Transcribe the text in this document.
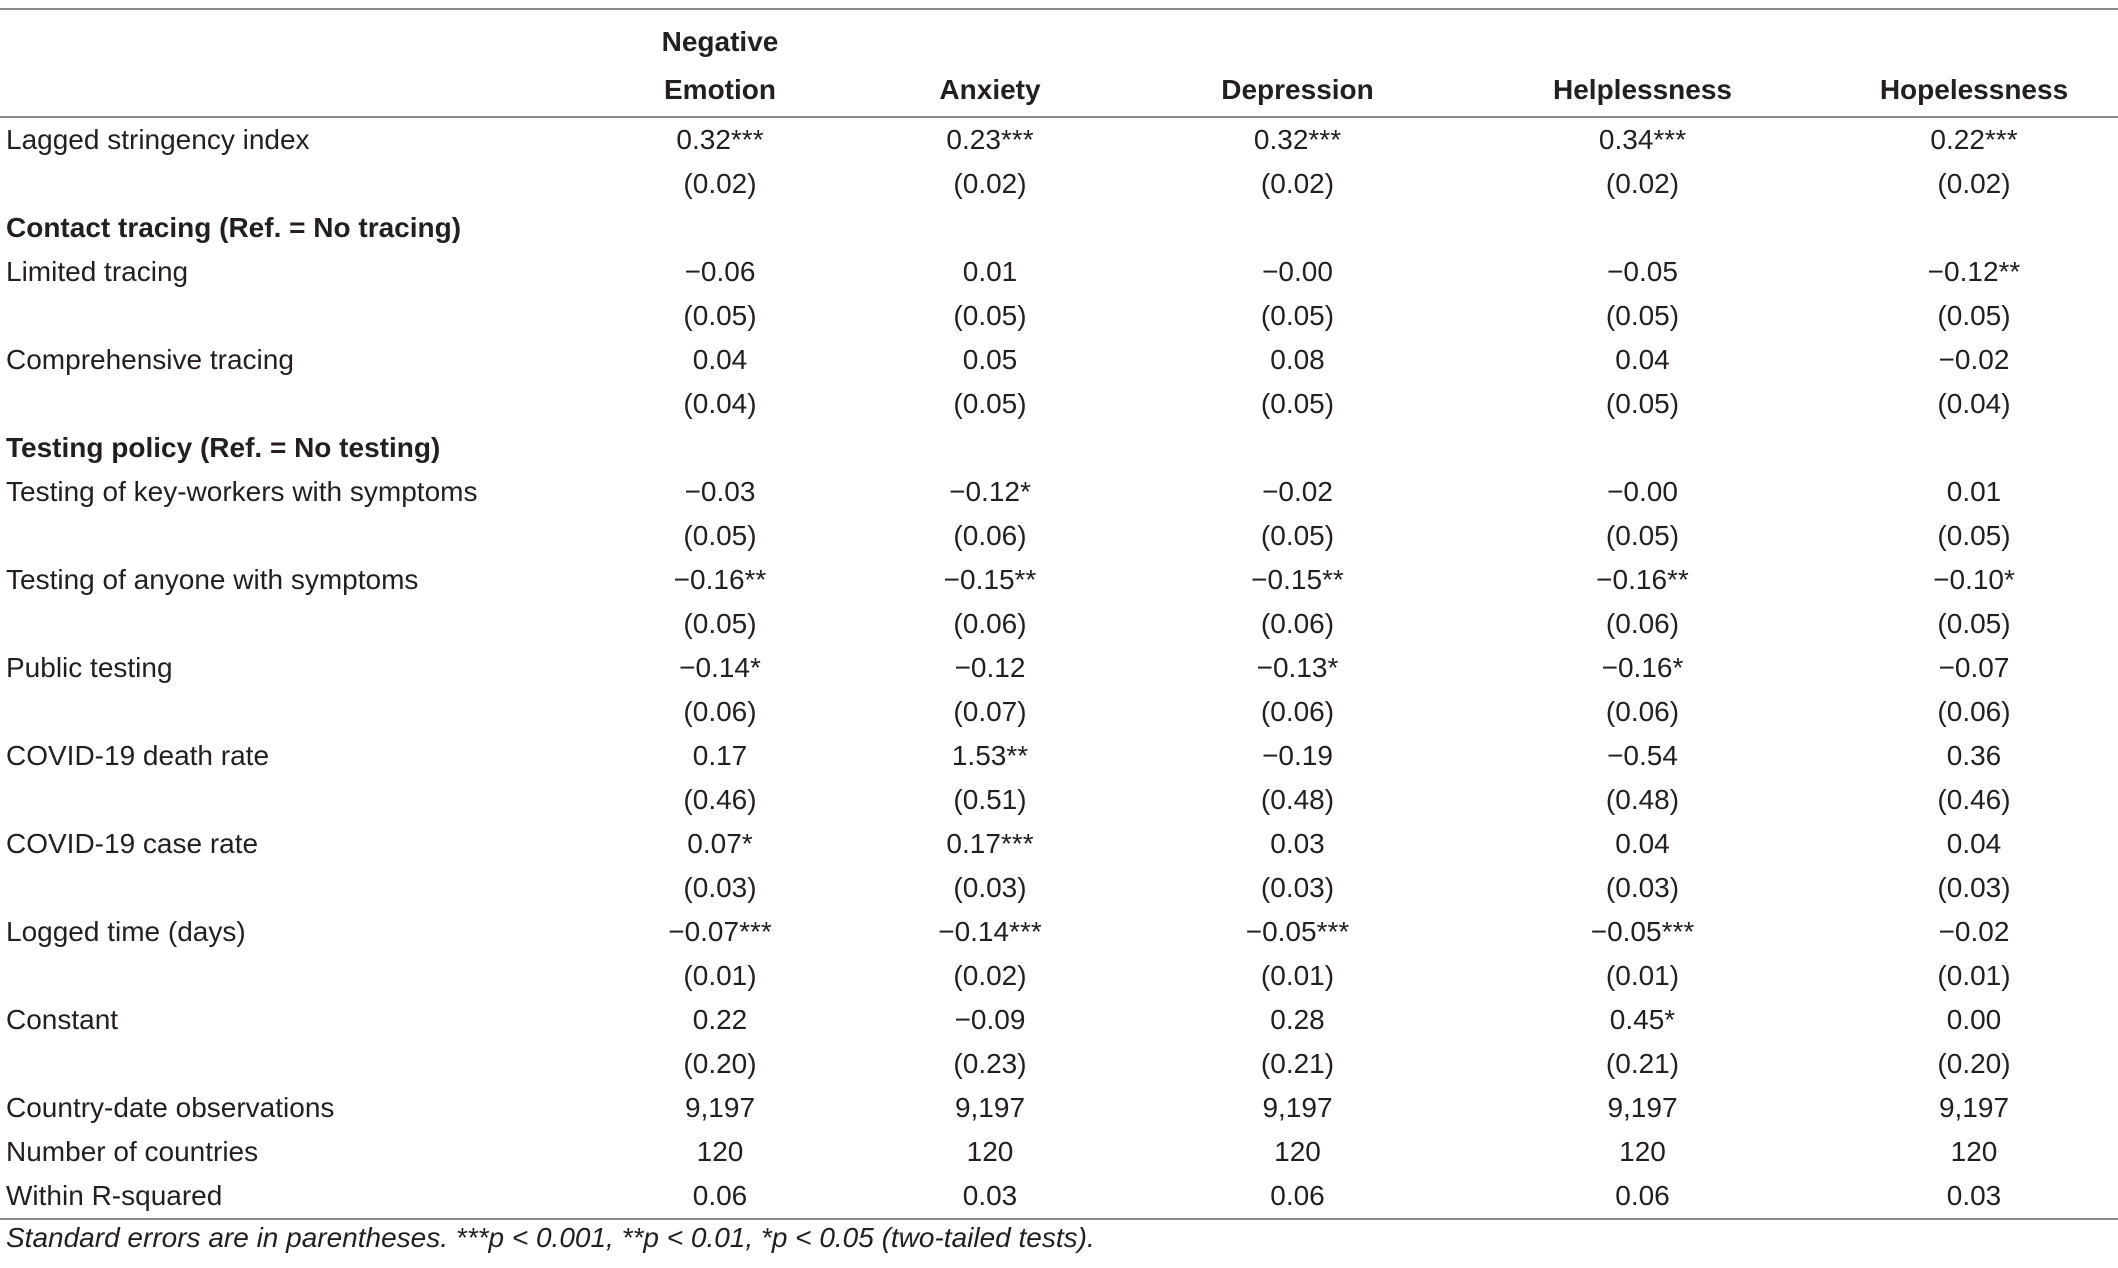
	Negative				
	Emotion	Anxiety	Depression	Helplessness	Hopelessness
Lagged stringency index	0.32***	0.23***	0.32***	0.34***	0.22***
	(0.02)	(0.02)	(0.02)	(0.02)	(0.02)
Contact tracing (Ref. = No tracing)					
Limited tracing	−0.06	0.01	−0.00	−0.05	−0.12**
	(0.05)	(0.05)	(0.05)	(0.05)	(0.05)
Comprehensive tracing	0.04	0.05	0.08	0.04	−0.02
	(0.04)	(0.05)	(0.05)	(0.05)	(0.04)
Testing policy (Ref. = No testing)					
Testing of key-workers with symptoms	−0.03	−0.12*	−0.02	−0.00	0.01
	(0.05)	(0.06)	(0.05)	(0.05)	(0.05)
Testing of anyone with symptoms	−0.16**	−0.15**	−0.15**	−0.16**	−0.10*
	(0.05)	(0.06)	(0.06)	(0.06)	(0.05)
Public testing	−0.14*	−0.12	−0.13*	−0.16*	−0.07
	(0.06)	(0.07)	(0.06)	(0.06)	(0.06)
COVID-19 death rate	0.17	1.53**	−0.19	−0.54	0.36
	(0.46)	(0.51)	(0.48)	(0.48)	(0.46)
COVID-19 case rate	0.07*	0.17***	0.03	0.04	0.04
	(0.03)	(0.03)	(0.03)	(0.03)	(0.03)
Logged time (days)	−0.07***	−0.14***	−0.05***	−0.05***	−0.02
	(0.01)	(0.02)	(0.01)	(0.01)	(0.01)
Constant	0.22	−0.09	0.28	0.45*	0.00
	(0.20)	(0.23)	(0.21)	(0.21)	(0.20)
Country-date observations	9,197	9,197	9,197	9,197	9,197
Number of countries	120	120	120	120	120
Within R-squared	0.06	0.03	0.06	0.06	0.03
Standard errors are in parentheses. ***p < 0.001, **p < 0.01, *p < 0.05 (two-tailed tests).
